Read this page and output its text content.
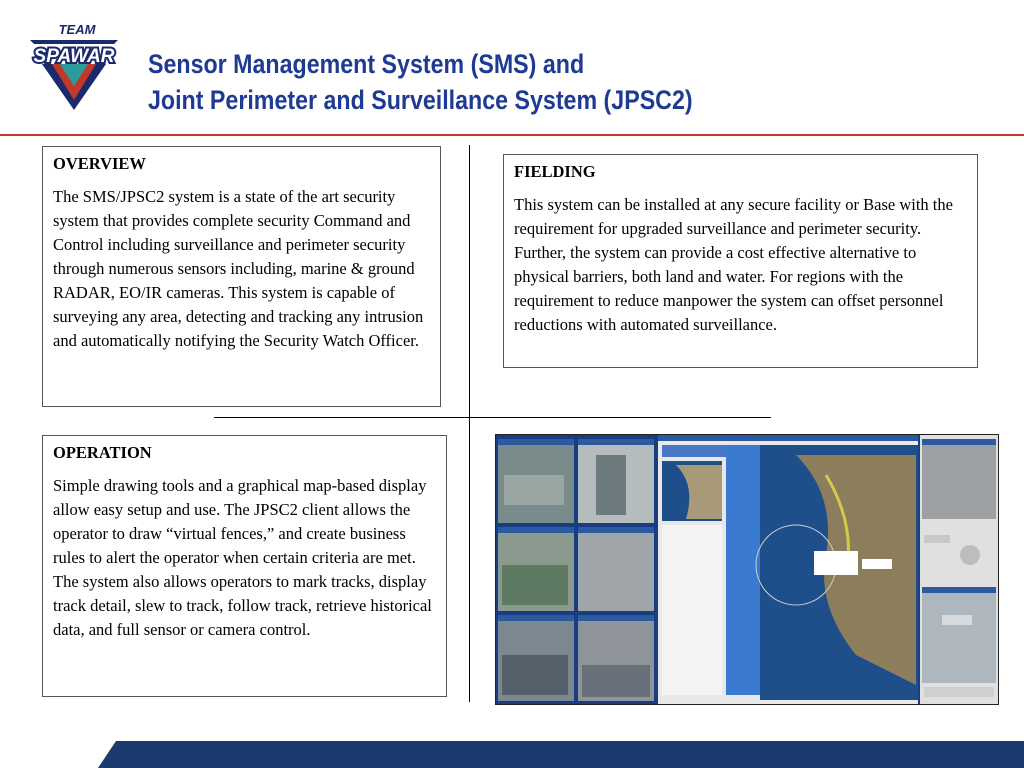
TEAM
SPAWAR Sensor Management System (SMS) and
Joint Perimeter and Surveillance System (JPSC2)
OVERVIEW

The SMS/JPSC2 system is a state of the art security system that provides complete security Command and Control including surveillance and perimeter security through numerous sensors including, marine & ground RADAR, EO/IR cameras. This system is capable of surveying any area, detecting and tracking any intrusion and automatically notifying the Security Watch Officer.

FIELDING

This system can be installed at any secure facility or Base with the requirement for upgraded surveillance and perimeter security. Further, the system can provide a cost effective alternative to physical barriers, both land and water. For regions with the requirement to reduce manpower the system can offset personnel reductions with automated surveillance.

OPERATION

Simple drawing tools and a graphical map-based display allow easy setup and use. The JPSC2 client allows the operator to draw “virtual fences,” and create business rules to alert the operator when certain criteria are met. The system also allows operators to mark tracks, display track detail, slew to track, follow track, retrieve historical data, and full sensor or camera control.
